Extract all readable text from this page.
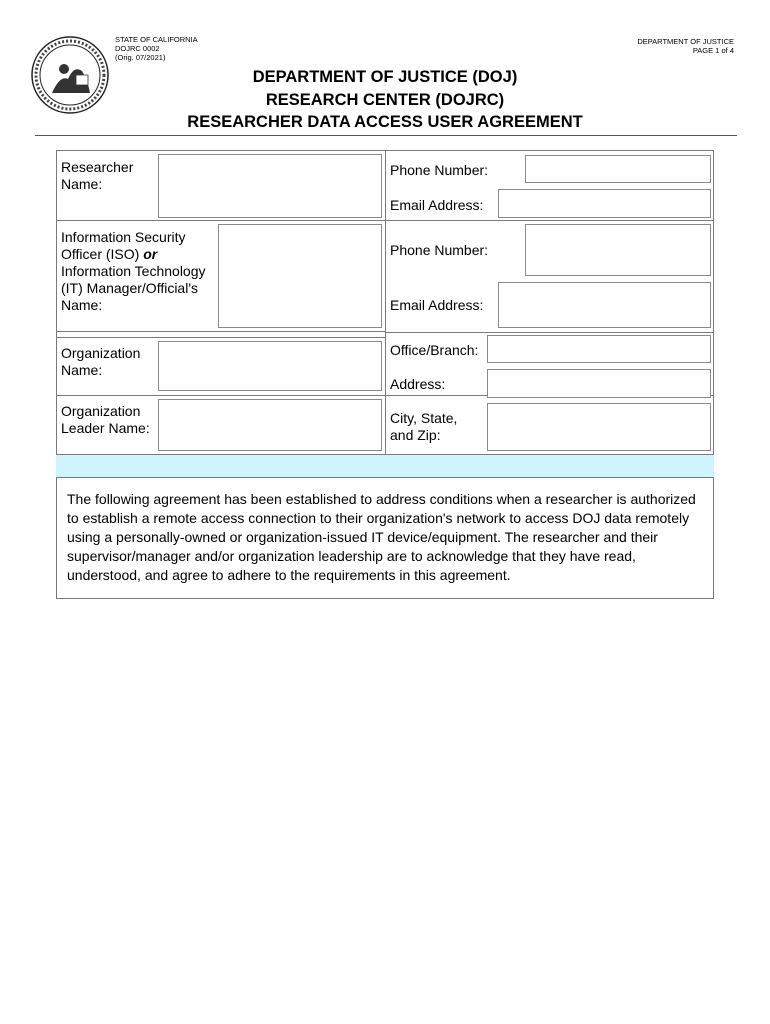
STATE OF CALIFORNIA
DOJRC 0002
(Orig. 07/2021)
DEPARTMENT OF JUSTICE
PAGE 1 of 4
DEPARTMENT OF JUSTICE (DOJ)
RESEARCH CENTER (DOJRC)
RESEARCHER DATA ACCESS USER AGREEMENT
Researcher
Name:
Phone Number:
Email Address:
Information Security
Officer (ISO) or
Information Technology
(IT) Manager/Official's
Name:
Phone Number:
Email Address:
Organization
Name:
Office/Branch:
Address:
Organization
Leader Name:
City, State,
and Zip:
The following agreement has been established to address conditions when a researcher is authorized to establish a remote access connection to their organization's network to access DOJ data remotely using a personally-owned or organization-issued IT device/equipment. The researcher and their supervisor/manager and/or organization leadership are to acknowledge that they have read, understood, and agree to adhere to the requirements in this agreement.
